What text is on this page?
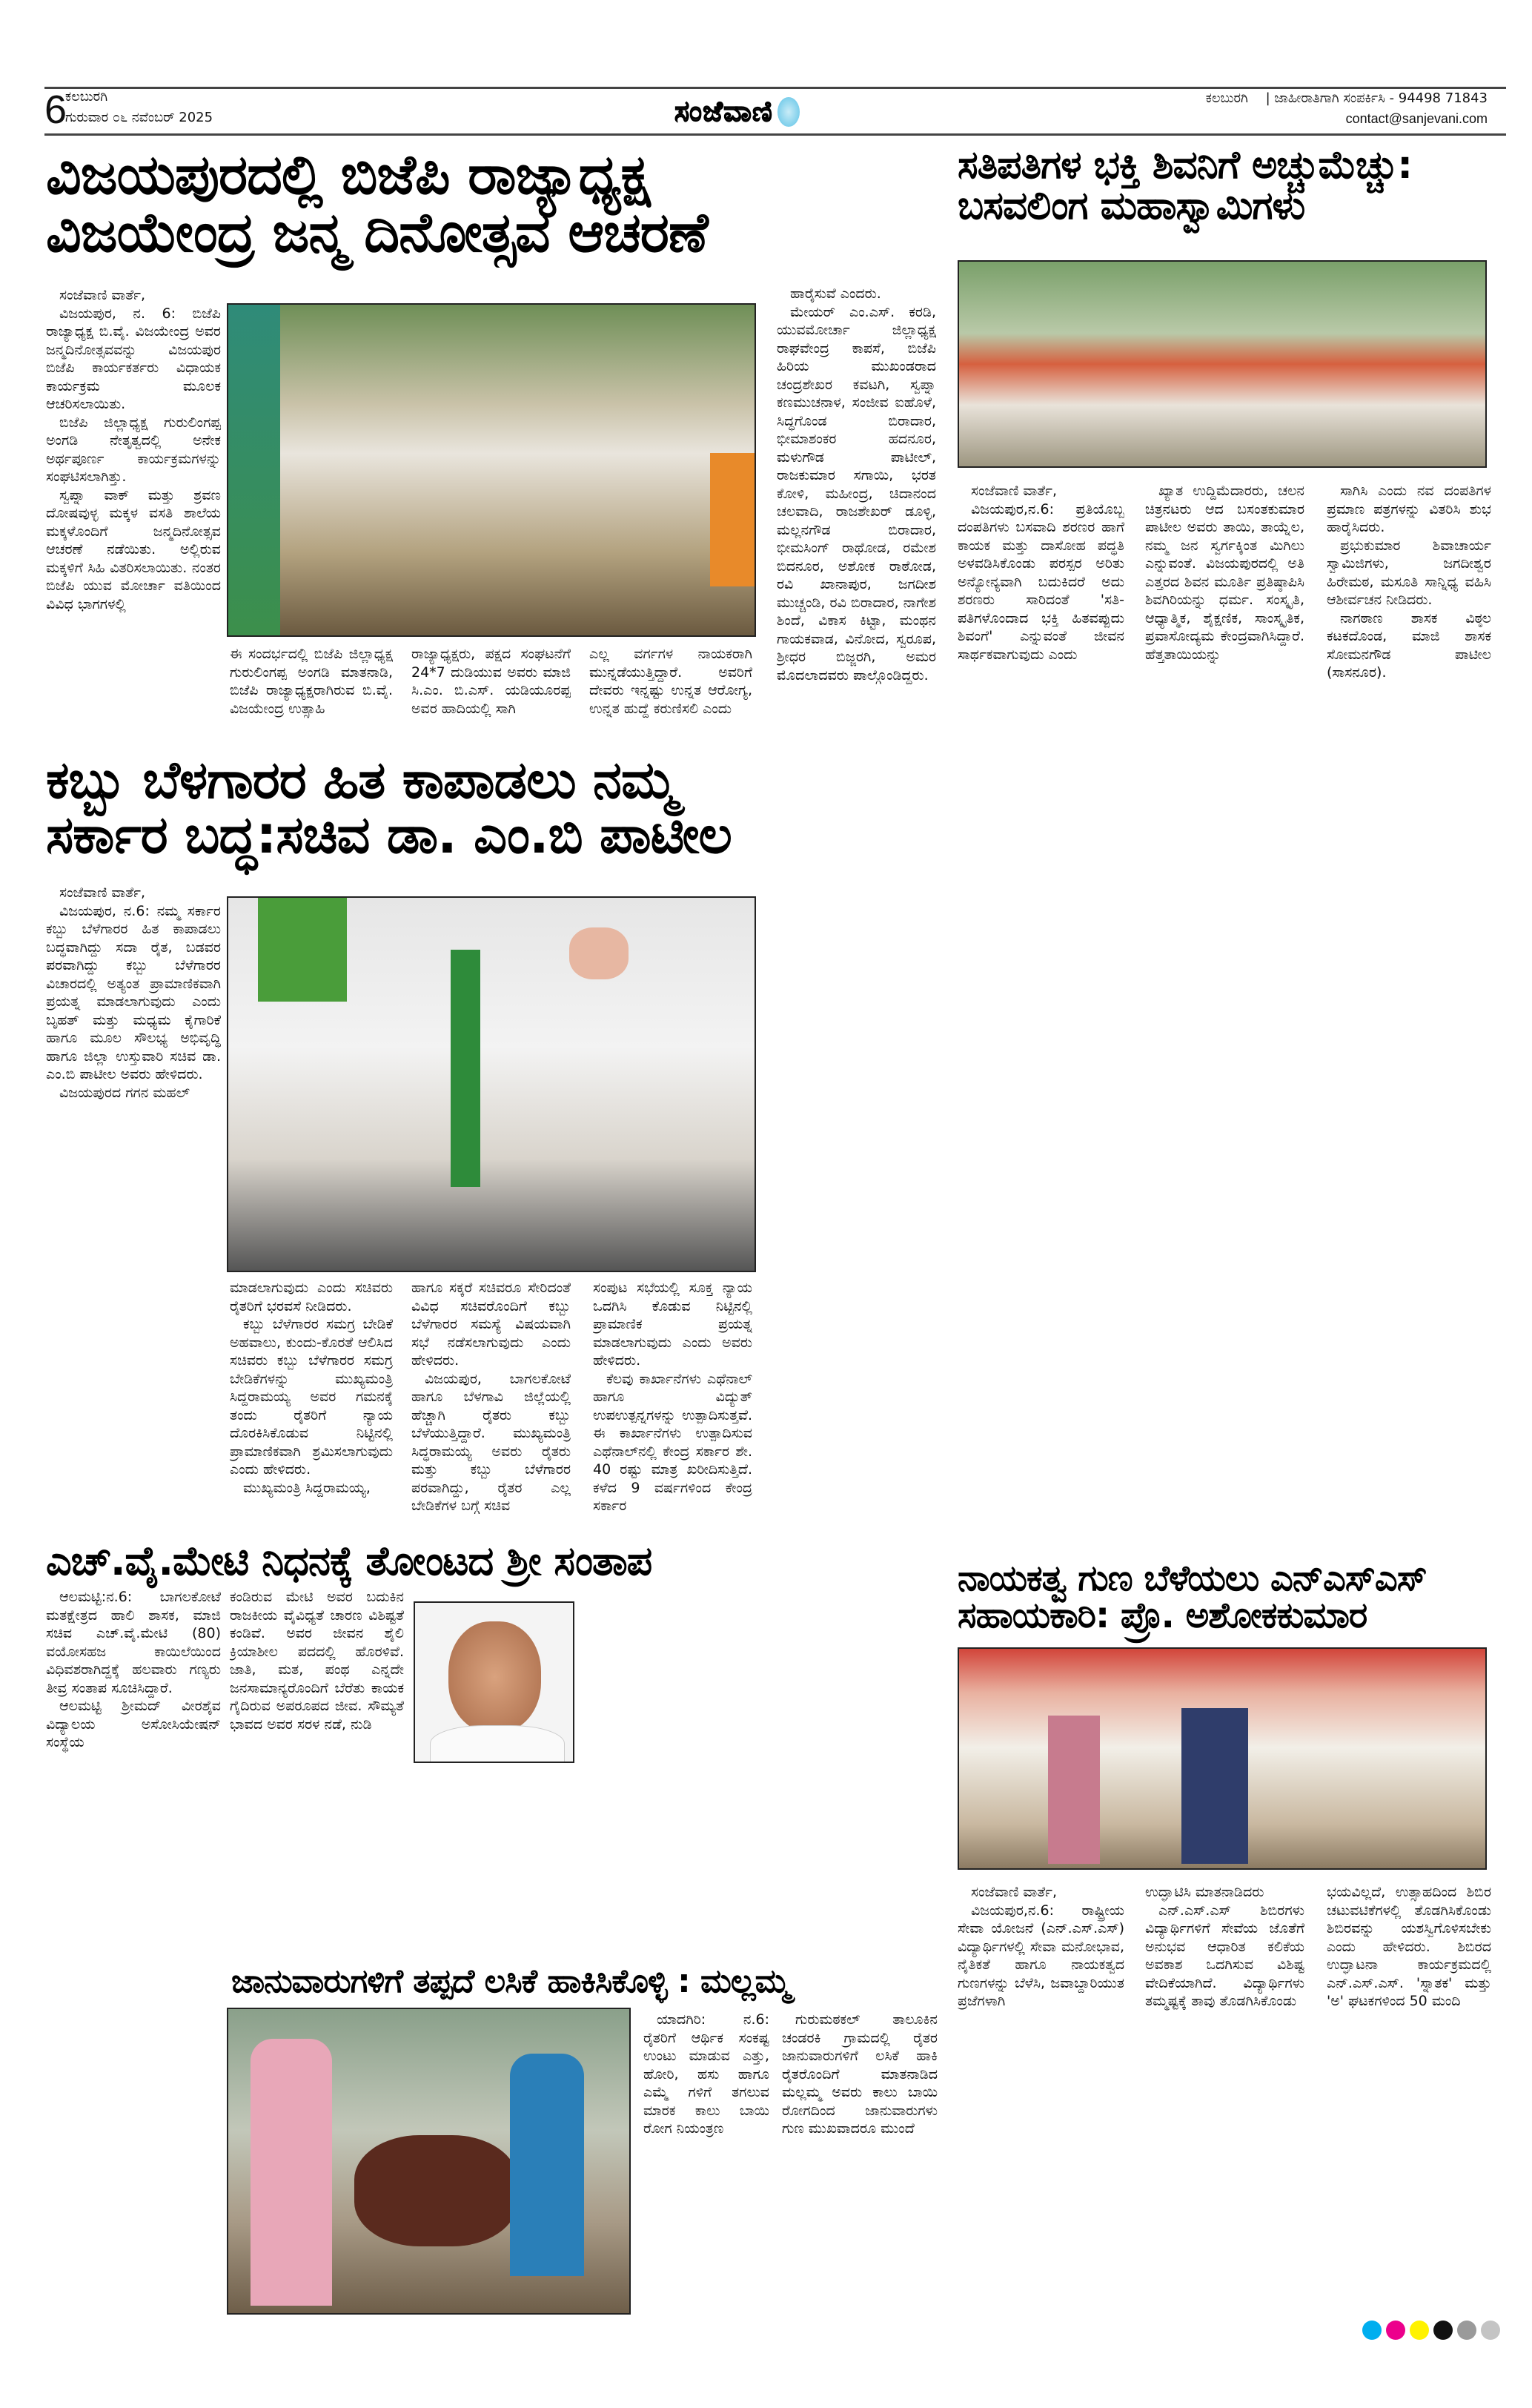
6
ಕಲಬುರಗಿ
ಗುರುವಾರ ೦೬ ನವೆಂಬರ್ 2025	ಸಂಜೆವಾಣಿ	ಕಲಬುರಗಿ | ಜಾಹೀರಾತಿಗಾಗಿ ಸಂಪರ್ಕಿಸಿ - 94498 71843
contact@sanjevani.com
ವಿಜಯಪುರದಲ್ಲಿ ಬಿಜೆಪಿ ರಾಜ್ಯಾಧ್ಯಕ್ಷ
ವಿಜಯೇಂದ್ರ ಜನ್ಮ ದಿನೋತ್ಸವ ಆಚರಣೆ

ಸಂಜೆವಾಣಿ ವಾರ್ತೆ,

ವಿಜಯಪುರ, ನ. 6: ಬಿಜೆಪಿ ರಾಜ್ಯಾಧ್ಯಕ್ಷ ಬಿ.ವೈ. ವಿಜಯೇಂದ್ರ ಅವರ ಜನ್ಮದಿನೋತ್ಸವವನ್ನು ವಿಜಯಪುರ ಬಿಜೆಪಿ ಕಾರ್ಯಕರ್ತರು ವಿಧಾಯಕ ಕಾರ್ಯಕ್ರಮ ಮೂಲಕ ಆಚರಿಸಲಾಯಿತು.

ಬಿಜೆಪಿ ಜಿಲ್ಲಾಧ್ಯಕ್ಷ ಗುರುಲಿಂಗಪ್ಪ ಅಂಗಡಿ ನೇತೃತ್ವದಲ್ಲಿ ಅನೇಕ ಅರ್ಥಪೂರ್ಣ ಕಾರ್ಯಕ್ರಮಗಳನ್ನು ಸಂಘಟಿಸಲಾಗಿತ್ತು.

ಸ್ವಪ್ನಾ ವಾಕ್ ಮತ್ತು ಶ್ರವಣ ದೋಷವುಳ್ಳ ಮಕ್ಕಳ ವಸತಿ ಶಾಲೆಯ ಮಕ್ಕಳೊಂದಿಗೆ ಜನ್ಮದಿನೋತ್ಸವ ಆಚರಣೆ ನಡೆಯಿತು. ಅಲ್ಲಿರುವ ಮಕ್ಕಳಿಗೆ ಸಿಹಿ ವಿತರಿಸಲಾಯಿತು. ನಂತರ ಬಿಜೆಪಿ ಯುವ ಮೋರ್ಚಾ ವತಿಯಿಂದ ವಿವಿಧ ಭಾಗಗಳಲ್ಲಿ

ಈ ಸಂದರ್ಭದಲ್ಲಿ ಬಿಜೆಪಿ ಜಿಲ್ಲಾಧ್ಯಕ್ಷ ಗುರುಲಿಂಗಪ್ಪ ಅಂಗಡಿ ಮಾತನಾಡಿ, ಬಿಜೆಪಿ ರಾಜ್ಯಾಧ್ಯಕ್ಷರಾಗಿರುವ ಬಿ.ವೈ. ವಿಜಯೇಂದ್ರ ಉತ್ಸಾಹಿ
ರಾಜ್ಯಾಧ್ಯಕ್ಷರು, ಪಕ್ಷದ ಸಂಘಟನೆಗೆ 24*7 ದುಡಿಯುವ ಅವರು ಮಾಜಿ ಸಿ.ಎಂ. ಬಿ.ಎಸ್. ಯಡಿಯೂರಪ್ಪ ಅವರ ಹಾದಿಯಲ್ಲಿ ಸಾಗಿ
ಎಲ್ಲ ವರ್ಗಗಳ ನಾಯಕರಾಗಿ ಮುನ್ನಡೆಯುತ್ತಿದ್ದಾರೆ. ಅವರಿಗೆ ದೇವರು ಇನ್ನಷ್ಟು ಉನ್ನತ ಆರೋಗ್ಯ, ಉನ್ನತ ಹುದ್ದೆ ಕರುಣಿಸಲಿ ಎಂದು

ಹಾರೈಸುವೆ ಎಂದರು.

ಮೇಯರ್ ಎಂ.ಎಸ್. ಕರಡಿ, ಯುವಮೋರ್ಚಾ ಜಿಲ್ಲಾಧ್ಯಕ್ಷ ರಾಘವೇಂದ್ರ ಕಾಪಸೆ, ಬಿಜೆಪಿ ಹಿರಿಯ ಮುಖಂಡರಾದ ಚಂದ್ರಶೇಖರ ಕವಟಗಿ, ಸ್ವಪ್ನಾ ಕಣಮುಚನಾಳ, ಸಂಜೀವ ಐಹೊಳೆ, ಸಿದ್ಧಗೊಂಡ ಬಿರಾದಾರ, ಭೀಮಾಶಂಕರ ಹದನೂರ, ಮಳುಗೌಡ ಪಾಟೀಲ್, ರಾಜಕುಮಾರ ಸಗಾಯಿ, ಭರತ ಕೋಳಿ, ಮಹೀಂದ್ರ, ಚಿದಾನಂದ ಚಲವಾದಿ, ರಾಜಶೇಖರ್ ಡೂಳ್ಳಿ, ಮಲ್ಲನಗೌಡ ಬಿರಾದಾರ, ಭೀಮಸಿಂಗ್ ರಾಥೋಡ, ರಮೇಶ ಬಿದನೂರ, ಅಶೋಕ ರಾಠೋಡ, ರವಿ ಖಾನಾಪುರ, ಜಗದೀಶ ಮುಚ್ಚಂಡಿ, ರವಿ ಬಿರಾದಾರ, ನಾಗೇಶ ಶಿಂದೆ, ವಿಕಾಸ ಕಿಟ್ಟಾ, ಮಂಥನ ಗಾಯಕವಾಡ, ವಿನೋದ, ಸ್ವರೂಪ, ಶ್ರೀಧರ ಬಿಜ್ಜರಗಿ, ಅಮರ ಮೊದಲಾದವರು ಪಾಲ್ಗೊಂಡಿದ್ದರು.

ಸತಿಪತಿಗಳ ಭಕ್ತಿ ಶಿವನಿಗೆ ಅಚ್ಚುಮೆಚ್ಚು:
ಬಸವಲಿಂಗ ಮಹಾಸ್ವಾಮಿಗಳು

ಸಂಜೆವಾಣಿ ವಾರ್ತೆ,

ವಿಜಯಪುರ,ನ.6: ಪ್ರತಿಯೊಬ್ಬ ದಂಪತಿಗಳು ಬಸವಾದಿ ಶರಣರ ಹಾಗೆ ಕಾಯಕ ಮತ್ತು ದಾಸೋಹ ಪದ್ಧತಿ ಅಳವಡಿಸಿಕೊಂಡು ಪರಸ್ಪರ ಅರಿತು ಅನ್ಯೋನ್ಯವಾಗಿ ಬದುಕಿದರೆ ಅದು ಶರಣರು ಸಾರಿದಂತೆ 'ಸತಿ-ಪತಿಗಳೊಂದಾದ ಭಕ್ತಿ ಹಿತವಪ್ಪುದು ಶಿವಂಗೆ' ಎನ್ನುವಂತೆ ಜೀವನ ಸಾರ್ಥಕವಾಗುವುದು ಎಂದು

ಖ್ಯಾತ ಉದ್ದಿಮೆದಾರರು, ಚಲನ ಚಿತ್ರನಟರು ಆದ ಬಸಂತಕುಮಾರ ಪಾಟೀಲ ಅವರು ತಾಯಿ, ತಾಯ್ನೆಲ, ನಮ್ಮ ಜನ ಸ್ವರ್ಗಕ್ಕಿಂತ ಮಿಗಿಲು ಎನ್ನುವಂತೆ. ವಿಜಯಪುರದಲ್ಲಿ ಅತಿ ಎತ್ತರದ ಶಿವನ ಮೂರ್ತಿ ಪ್ರತಿಷ್ಠಾಪಿಸಿ ಶಿವಗಿರಿಯನ್ನು ಧರ್ಮ. ಸಂಸ್ಕೃತಿ, ಆಧ್ಯಾತ್ಮಿಕ, ಶೈಕ್ಷಣಿಕ, ಸಾಂಸ್ಕೃತಿಕ, ಪ್ರವಾಸೋದ್ಯಮ ಕೇಂದ್ರವಾಗಿಸಿದ್ದಾರೆ. ಹೆತ್ತತಾಯಿಯನ್ನು

ಸಾಗಿಸಿ ಎಂದು ನವ ದಂಪತಿಗಳ ಪ್ರಮಾಣ ಪತ್ರಗಳನ್ನು ವಿತರಿಸಿ ಶುಭ ಹಾರೈಸಿದರು.

ಪ್ರಭುಕುಮಾರ ಶಿವಾಚಾರ್ಯ ಸ್ವಾಮಿಜಿಗಳು, ಜಗದೀಶ್ವರ ಹಿರೇಮಠ, ಮಸೂತಿ ಸಾನ್ನಿಧ್ಯ ವಹಿಸಿ ಆಶೀರ್ವಚನ ನೀಡಿದರು.

ನಾಗಠಾಣ ಶಾಸಕ ವಿಠ್ಠಲ ಕಟಕದೊಂಡ, ಮಾಜಿ ಶಾಸಕ ಸೋಮನಗೌಡ ಪಾಟೀಲ (ಸಾಸನೂರ).

ಕಬ್ಬು ಬೆಳಗಾರರ ಹಿತ ಕಾಪಾಡಲು ನಮ್ಮ
ಸರ್ಕಾರ ಬದ್ಧ:ಸಚಿವ ಡಾ. ಎಂ.ಬಿ ಪಾಟೀಲ

ಸಂಜೆವಾಣಿ ವಾರ್ತೆ,

ವಿಜಯಪುರ, ನ.6: ನಮ್ಮ ಸರ್ಕಾರ ಕಬ್ಬು ಬೆಳೆಗಾರರ ಹಿತ ಕಾಪಾಡಲು ಬದ್ಧವಾಗಿದ್ದು ಸದಾ ರೈತ, ಬಡವರ ಪರವಾಗಿದ್ದು ಕಬ್ಬು ಬೆಳೆಗಾರರ ವಿಚಾರದಲ್ಲಿ ಅತ್ಯಂತ ಪ್ರಾಮಾಣಿಕವಾಗಿ ಪ್ರಯತ್ನ ಮಾಡಲಾಗುವುದು ಎಂದು ಬೃಹತ್ ಮತ್ತು ಮಧ್ಯಮ ಕೈಗಾರಿಕೆ ಹಾಗೂ ಮೂಲ ಸೌಲಭ್ಯ ಅಭಿವೃದ್ಧಿ ಹಾಗೂ ಜಿಲ್ಲಾ ಉಸ್ತುವಾರಿ ಸಚಿವ ಡಾ. ಎಂ.ಬಿ ಪಾಟೀಲ ಅವರು ಹೇಳಿದರು.

ವಿಜಯಪುರದ ಗಗನ ಮಹಲ್

ಮಾಡಲಾಗುವುದು ಎಂದು ಸಚಿವರು ರೈತರಿಗೆ ಭರವಸೆ ನೀಡಿದರು.

ಕಬ್ಬು ಬೆಳೆಗಾರರ ಸಮಗ್ರ ಬೇಡಿಕೆ ಅಹವಾಲು, ಕುಂದು-ಕೊರತೆ ಆಲಿಸಿದ ಸಚಿವರು ಕಬ್ಬು ಬೆಳೆಗಾರರ ಸಮಗ್ರ ಬೇಡಿಕೆಗಳನ್ನು ಮುಖ್ಯಮಂತ್ರಿ ಸಿದ್ದರಾಮಯ್ಯ ಅವರ ಗಮನಕ್ಕೆ ತಂದು ರೈತರಿಗೆ ನ್ಯಾಯ ದೊರಕಿಸಿಕೊಡುವ ನಿಟ್ಟಿನಲ್ಲಿ ಪ್ರಾಮಾಣಿಕವಾಗಿ ಶ್ರಮಿಸಲಾಗುವುದು ಎಂದು ಹೇಳಿದರು.

ಮುಖ್ಯಮಂತ್ರಿ ಸಿದ್ದರಾಮಯ್ಯ,

ಹಾಗೂ ಸಕ್ಕರೆ ಸಚಿವರೂ ಸೇರಿದಂತೆ ವಿವಿಧ ಸಚಿವರೊಂದಿಗೆ ಕಬ್ಬು ಬೆಳೆಗಾರರ ಸಮಸ್ಯೆ ವಿಷಯವಾಗಿ ಸಭೆ ನಡೆಸಲಾಗುವುದು ಎಂದು ಹೇಳಿದರು.

ವಿಜಯಪುರ, ಬಾಗಲಕೋಟೆ ಹಾಗೂ ಬೆಳಗಾವಿ ಜಿಲ್ಲೆಯಲ್ಲಿ ಹೆಚ್ಚಾಗಿ ರೈತರು ಕಬ್ಬು ಬೆಳೆಯುತ್ತಿದ್ದಾರೆ. ಮುಖ್ಯಮಂತ್ರಿ ಸಿದ್ಧರಾಮಯ್ಯ ಅವರು ರೈತರು ಮತ್ತು ಕಬ್ಬು ಬೆಳೆಗಾರರ ಪರವಾಗಿದ್ದು, ರೈತರ ಎಲ್ಲ ಬೇಡಿಕೆಗಳ ಬಗ್ಗೆ ಸಚಿವ

ಸಂಪುಟ ಸಭೆಯಲ್ಲಿ ಸೂಕ್ತ ನ್ಯಾಯ ಒದಗಿಸಿ ಕೊಡುವ ನಿಟ್ಟಿನಲ್ಲಿ ಪ್ರಾಮಾಣಿಕ ಪ್ರಯತ್ನ ಮಾಡಲಾಗುವುದು ಎಂದು ಅವರು ಹೇಳಿದರು.

ಕೆಲವು ಕಾರ್ಖಾನೆಗಳು ಎಥೆನಾಲ್ ಹಾಗೂ ವಿದ್ಯುತ್ ಉಪಉತ್ಪನ್ನಗಳನ್ನು ಉತ್ಪಾದಿಸುತ್ತವೆ. ಈ ಕಾರ್ಖಾನೆಗಳು ಉತ್ಪಾದಿಸುವ ಎಥೆನಾಲ್‌ನಲ್ಲಿ ಕೇಂದ್ರ ಸರ್ಕಾರ ಶೇ. 40 ರಷ್ಟು ಮಾತ್ರ ಖರೀದಿಸುತ್ತಿದೆ. ಕಳೆದ 9 ವರ್ಷಗಳಿಂದ ಕೇಂದ್ರ ಸರ್ಕಾರ

ಎಚ್.ವೈ.ಮೇಟಿ ನಿಧನಕ್ಕೆ ತೋಂಟದ ಶ್ರೀ ಸಂತಾಪ

ಆಲಮಟ್ಟಿ:ನ.6: ಬಾಗಲಕೋಟೆ ಮತಕ್ಷೇತ್ರದ ಹಾಲಿ ಶಾಸಕ, ಮಾಜಿ ಸಚಿವ ಎಚ್.ವೈ.ಮೇಟಿ (80) ವಯೋಸಹಜ ಕಾಯಿಲೆಯಿಂದ ವಿಧಿವಶರಾಗಿದ್ದಕ್ಕೆ ಹಲವಾರು ಗಣ್ಯರು ತೀವ್ರ ಸಂತಾಪ ಸೂಚಿಸಿದ್ದಾರೆ.

ಆಲಮಟ್ಟಿ ಶ್ರೀಮದ್ ವೀರಶೈವ ವಿದ್ಯಾಲಯ ಅಸೋಸಿಯೇಷನ್ ಸಂಸ್ಥೆಯ

ಕಂಡಿರುವ ಮೇಟಿ ಅವರ ಬದುಕಿನ ರಾಜಕೀಯ ವೈವಿಧ್ಯತೆ ಚಾರಣ ವಿಶಿಷ್ಟತೆ ಕಂಡಿವೆ. ಅವರ ಜೀವನ ಶೈಲಿ ಕ್ರಿಯಾಶೀಲ ಪದದಲ್ಲಿ ಹೊರಳಿವೆ. ಜಾತಿ, ಮತ, ಪಂಥ ಎನ್ನದೇ ಜನಸಾಮಾನ್ಯರೊಂದಿಗೆ ಬೆರೆತು ಕಾಯಕ ಗೈದಿರುವ ಅಪರೂಪದ ಜೀವ. ಸೌಮ್ಯತೆ ಭಾವದ ಅವರ ಸರಳ ನಡೆ, ನುಡಿ

ನಾಯಕತ್ವ ಗುಣ ಬೆಳೆಯಲು ಎನ್‌ಎಸ್‌ಎಸ್
ಸಹಾಯಕಾರಿ: ಪ್ರೊ. ಅಶೋಕಕುಮಾರ

ಸಂಜೆವಾಣಿ ವಾರ್ತೆ,

ವಿಜಯಪುರ,ನ.6: ರಾಷ್ಟ್ರೀಯ ಸೇವಾ ಯೋಜನೆ (ಎನ್.ಎಸ್.ಎಸ್) ವಿದ್ಯಾರ್ಥಿಗಳಲ್ಲಿ ಸೇವಾ ಮನೋಭಾವ, ನೈತಿಕತೆ ಹಾಗೂ ನಾಯಕತ್ವದ ಗುಣಗಳನ್ನು ಬೆಳೆಸಿ, ಜವಾಬ್ದಾರಿಯುತ ಪ್ರಜೆಗಳಾಗಿ

ಉದ್ಘಾಟಿಸಿ ಮಾತನಾಡಿದರು

ಎನ್.ಎಸ್.ಎಸ್ ಶಿಬಿರಗಳು ವಿದ್ಯಾರ್ಥಿಗಳಿಗೆ ಸೇವೆಯ ಜೊತೆಗೆ ಅನುಭವ ಆಧಾರಿತ ಕಲಿಕೆಯ ಅವಕಾಶ ಒದಗಿಸುವ ವಿಶಿಷ್ಟ ವೇದಿಕೆಯಾಗಿದೆ. ವಿದ್ಯಾರ್ಥಿಗಳು ತಮ್ಮಷ್ಟಕ್ಕೆ ತಾವು ತೊಡಗಿಸಿಕೊಂಡು

ಭಯವಿಲ್ಲದೆ, ಉತ್ಸಾಹದಿಂದ ಶಿಬಿರ ಚಟುವಟಿಕೆಗಳಲ್ಲಿ ತೊಡಗಿಸಿಕೊಂಡು ಶಿಬಿರವನ್ನು ಯಶಸ್ವಿಗೊಳಿಸಬೇಕು ಎಂದು ಹೇಳಿದರು. ಶಿಬಿರದ ಉದ್ಘಾಟನಾ ಕಾರ್ಯಕ್ರಮದಲ್ಲಿ ಎನ್.ಎಸ್.ಎಸ್. 'ಸ್ನಾತಕ' ಮತ್ತು 'ಅ' ಘಟಕಗಳಿಂದ 50 ಮಂದಿ

ಜಾನುವಾರುಗಳಿಗೆ ತಪ್ಪದೆ ಲಸಿಕೆ ಹಾಕಿಸಿಕೊಳ್ಳಿ : ಮಲ್ಲಮ್ಮ

ಯಾದಗಿರಿ: ನ.6: ರೈತರಿಗೆ ಆರ್ಥಿಕ ಸಂಕಷ್ಟ ಉಂಟು ಮಾಡುವ ಎತ್ತು, ಹೋರಿ, ಹಸು ಹಾಗೂ ಎಮ್ಮೆ ಗಳಿಗೆ ತಗಲುವ ಮಾರಕ ಕಾಲು ಬಾಯಿ ರೋಗ ನಿಯಂತ್ರಣ

ಗುರುಮಠಕಲ್ ತಾಲೂಕಿನ ಚಂಡರಕಿ ಗ್ರಾಮದಲ್ಲಿ ರೈತರ ಜಾನುವಾರುಗಳಿಗೆ ಲಸಿಕೆ ಹಾಕಿ ರೈತರೊಂದಿಗೆ ಮಾತನಾಡಿದ ಮಲ್ಲಮ್ಮ ಅವರು ಕಾಲು ಬಾಯಿ ರೋಗದಿಂದ ಜಾನುವಾರುಗಳು ಗುಣ ಮುಖವಾದರೂ ಮುಂದೆ
